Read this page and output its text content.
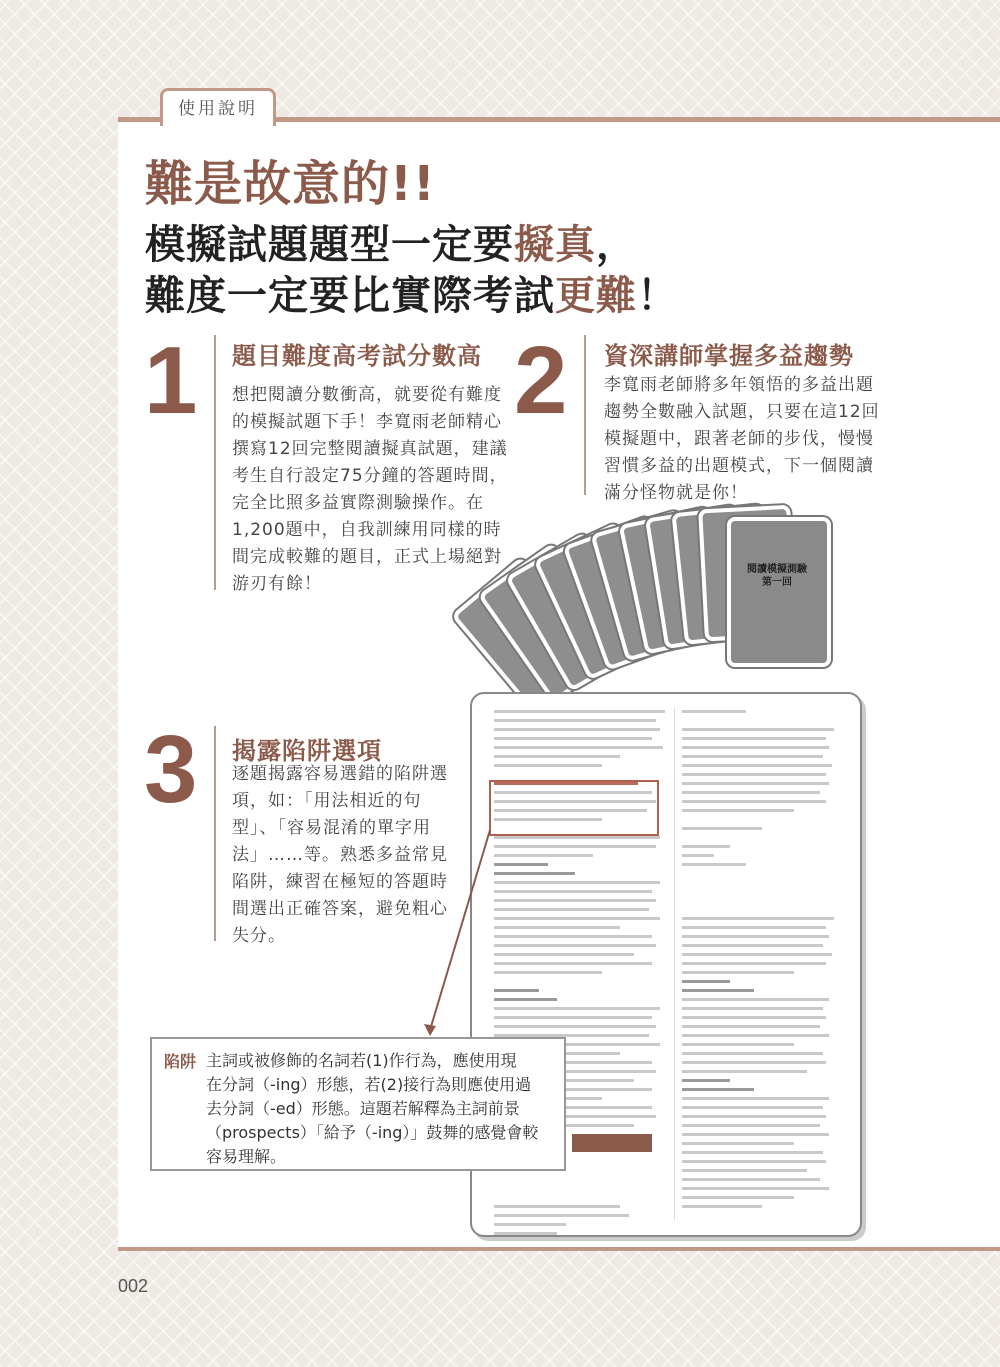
使用說明
難是故意的!!
模擬試題題型一定要擬真，
難度一定要比實際考試更難！
1 題目難度高考試分數高

想把閱讀分數衝高，就要從有難度

的模擬試題下手！李寬雨老師精心

撰寫12回完整閱讀擬真試題，建議

考生自行設定75分鐘的答題時間，

完全比照多益實際測驗操作。在

1,200題中，自我訓練用同樣的時

間完成較難的題目，正式上場絕對

游刃有餘！

2 資深講師掌握多益趨勢

李寬雨老師將多年領悟的多益出題

趨勢全數融入試題，只要在這12回

模擬題中，跟著老師的步伐，慢慢

習慣多益的出題模式，下一個閱讀

滿分怪物就是你！

閱讀模擬測驗 第一回
3 揭露陷阱選項

逐題揭露容易選錯的陷阱選

項，如：「用法相近的句

型」、「容易混淆的單字用

法」……等。熟悉多益常見

陷阱，練習在極短的答題時

間選出正確答案，避免粗心

失分。

陷阱 主詞或被修飾的名詞若(1)作行為，應使用現
在分詞（-ing）形態，若(2)接行為則應使用過
去分詞（-ed）形態。這題若解釋為主詞前景
（prospects）「給予（-ing）」鼓舞的感覺會較
容易理解。
002
